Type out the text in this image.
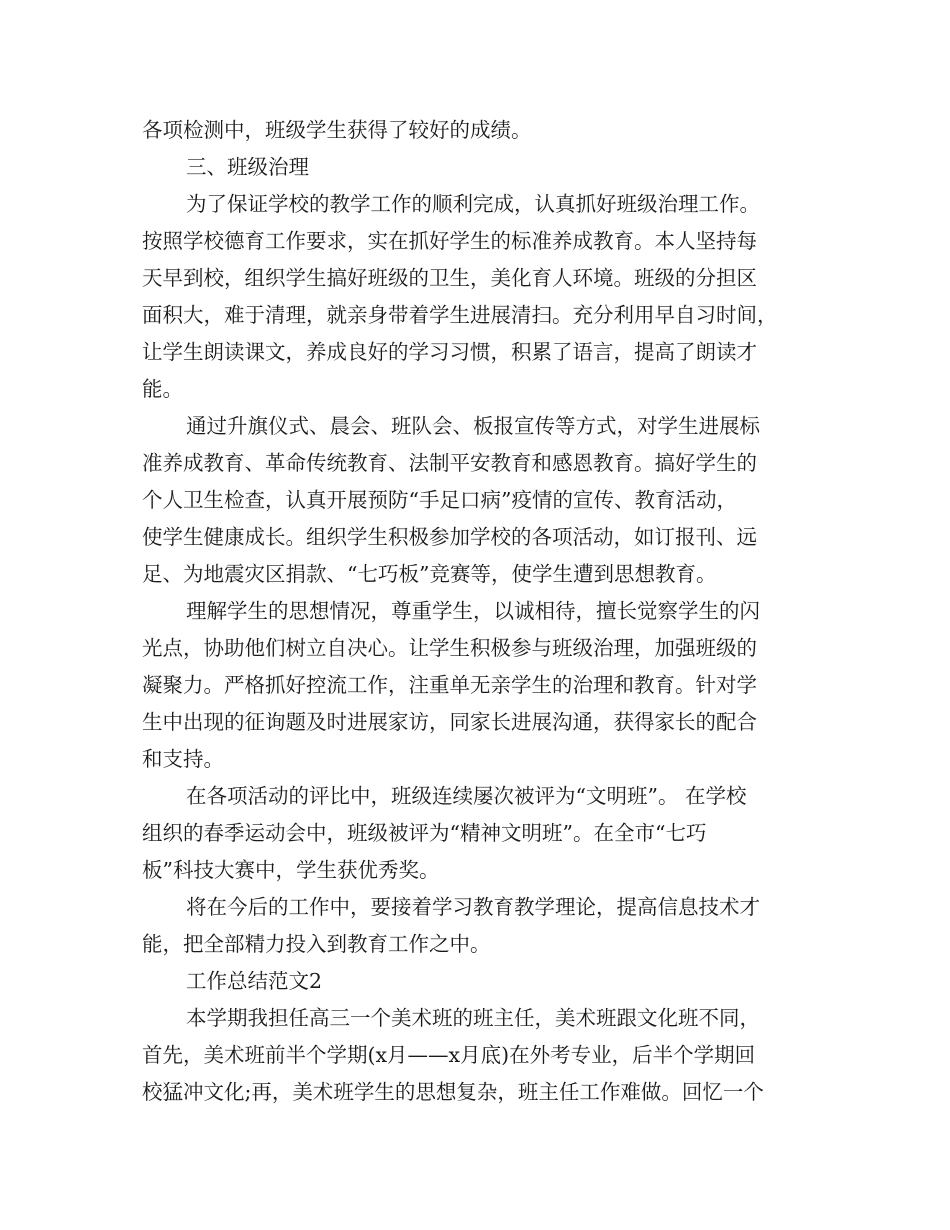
各项检测中，班级学生获得了较好的成绩。
三、班级治理
为了保证学校的教学工作的顺利完成，认真抓好班级治理工作。
按照学校德育工作要求，实在抓好学生的标准养成教育。本人坚持每
天早到校，组织学生搞好班级的卫生，美化育人环境。班级的分担区
面积大，难于清理，就亲身带着学生进展清扫。充分利用早自习时间，
让学生朗读课文，养成良好的学习习惯，积累了语言，提高了朗读才
能。
通过升旗仪式、晨会、班队会、板报宣传等方式，对学生进展标
准养成教育、革命传统教育、法制平安教育和感恩教育。搞好学生的
个人卫生检查，认真开展预防“手足口病”疫情的宣传、教育活动，
使学生健康成长。组织学生积极参加学校的各项活动，如订报刊、远
足、为地震灾区捐款、“七巧板”竞赛等，使学生遭到思想教育。
理解学生的思想情况，尊重学生，以诚相待，擅长觉察学生的闪
光点，协助他们树立自决心。让学生积极参与班级治理，加强班级的
凝聚力。严格抓好控流工作，注重单无亲学生的治理和教育。针对学
生中出现的征询题及时进展家访，同家长进展沟通，获得家长的配合
和支持。
在各项活动的评比中，班级连续屡次被评为“文明班”。 在学校
组织的春季运动会中，班级被评为“精神文明班”。在全市“七巧
板”科技大赛中，学生获优秀奖。
将在今后的工作中，要接着学习教育教学理论，提高信息技术才
能，把全部精力投入到教育工作之中。
工作总结范文2
本学期我担任高三一个美术班的班主任，美术班跟文化班不同，
首先，美术班前半个学期(x月——x月底)在外考专业，后半个学期回
校猛冲文化;再，美术班学生的思想复杂，班主任工作难做。回忆一个
